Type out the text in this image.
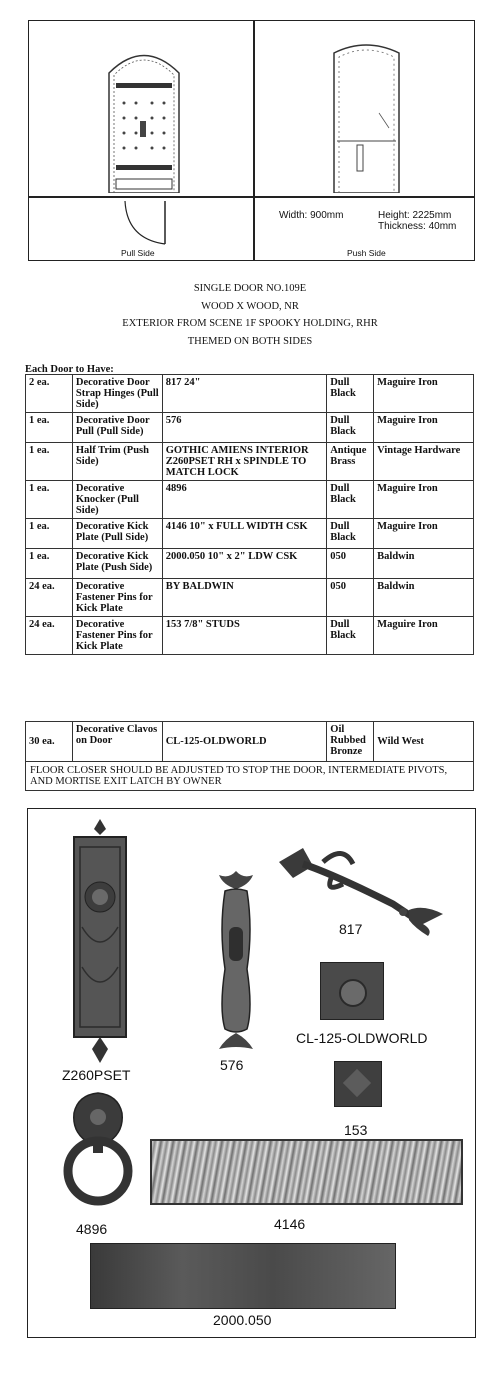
Pull Side	Push Side
Width: 900mm	Height: 2225mm
Thickness: 40mm
SINGLE DOOR NO.109E
WOOD X WOOD, NR
EXTERIOR FROM SCENE 1F SPOOKY HOLDING, RHR
THEMED ON BOTH SIDES
Each Door to Have:
2 ea.	Decorative Door Strap Hinges (Pull Side)	817 24"	Dull Black	Maguire Iron
1 ea.	Decorative Door Pull (Pull Side)	576	Dull Black	Maguire Iron
1 ea.	Half Trim (Push Side)	GOTHIC AMIENS INTERIOR Z260PSET RH x SPINDLE TO MATCH LOCK	Antique Brass	Vintage Hardware
1 ea.	Decorative Knocker (Pull Side)	4896	Dull Black	Maguire Iron
1 ea.	Decorative Kick Plate (Pull Side)	4146 10" x FULL WIDTH CSK	Dull Black	Maguire Iron
1 ea.	Decorative Kick Plate (Push Side)	2000.050 10" x 2" LDW CSK	050	Baldwin
24 ea.	Decorative Fastener Pins for Kick Plate	BY BALDWIN	050	Baldwin
24 ea.	Decorative Fastener Pins for Kick Plate	153 7/8" STUDS	Dull Black	Maguire Iron
30 ea.	Decorative Clavos on Door	CL-125-OLDWORLD	Oil Rubbed Bronze	Wild West
FLOOR CLOSER SHOULD BE ADJUSTED TO STOP THE DOOR, INTERMEDIATE PIVOTS, AND MORTISE EXIT LATCH BY OWNER
Z260PSET
576
817
CL-125-OLDWORLD
153
4896	4146
2000.050
